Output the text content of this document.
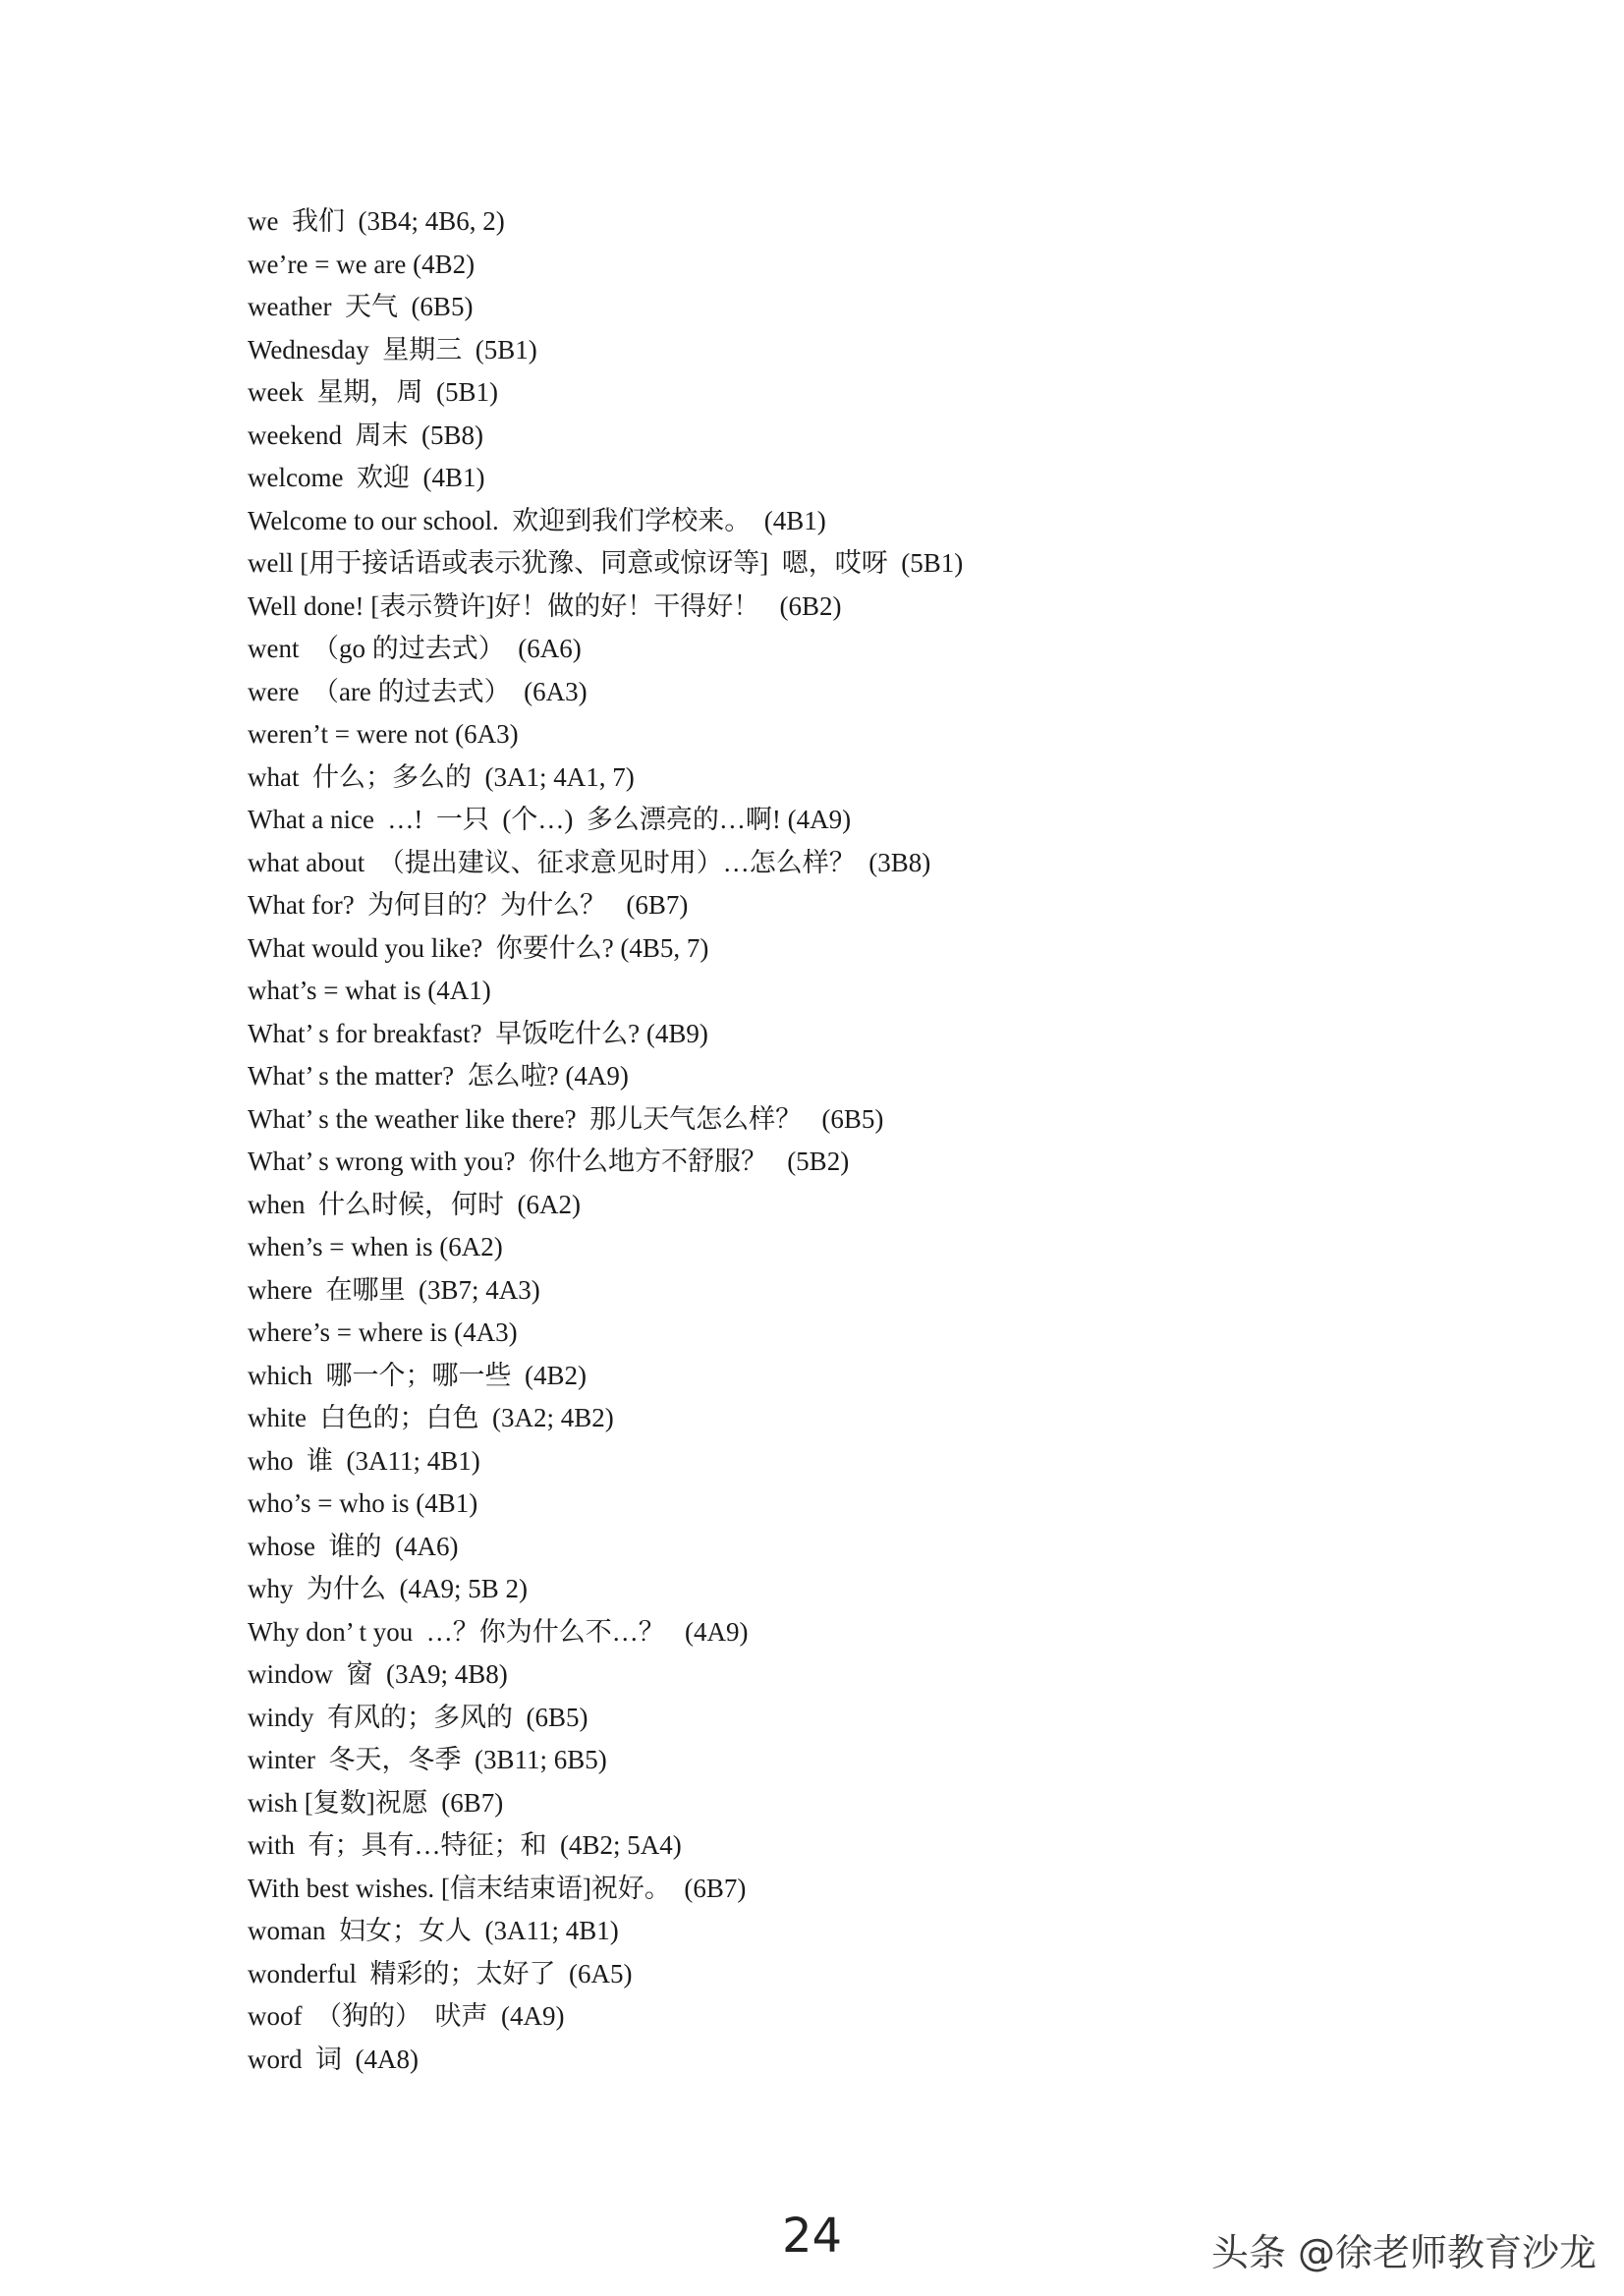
we  我们  (3B4; 4B6, 2)
we’re = we are (4B2)
weather  天气  (6B5)
Wednesday  星期三  (5B1)
week  星期，周  (5B1)
weekend  周末  (5B8)
welcome  欢迎  (4B1)
Welcome to our school.  欢迎到我们学校来。  (4B1)
well [用于接话语或表示犹豫、同意或惊讶等]  嗯，哎呀  (5B1)
Well done! [表示赞许]好！做的好！干得好！   (6B2)
went  （go 的过去式）  (6A6)
were  （are 的过去式）  (6A3)
weren’t = were not (6A3)
what  什么；多么的  (3A1; 4A1, 7)
What a nice  …!  一只  (个…)  多么漂亮的…啊! (4A9)
what about  （提出建议、征求意见时用）…怎么样？  (3B8)
What for?  为何目的？为什么？   (6B7)
What would you like?  你要什么? (4B5, 7)
what’s = what is (4A1)
What’ s for breakfast?  早饭吃什么? (4B9)
What’ s the matter?  怎么啦? (4A9)
What’ s the weather like there?  那儿天气怎么样？   (6B5)
What’ s wrong with you?  你什么地方不舒服？   (5B2)
when  什么时候，何时  (6A2)
when’s = when is (6A2)
where  在哪里  (3B7; 4A3)
where’s = where is (4A3)
which  哪一个；哪一些  (4B2)
white  白色的；白色  (3A2; 4B2)
who  谁  (3A11; 4B1)
who’s = who is (4B1)
whose  谁的  (4A6)
why  为什么  (4A9; 5B 2)
Why don’ t you  …？你为什么不…？   (4A9)
window  窗  (3A9; 4B8)
windy  有风的；多风的  (6B5)
winter  冬天，冬季  (3B11; 6B5)
wish [复数]祝愿  (6B7)
with  有；具有…特征；和  (4B2; 5A4)
With best wishes. [信末结束语]祝好。  (6B7)
woman  妇女；女人  (3A11; 4B1)
wonderful  精彩的；太好了  (6A5)
woof  （狗的）  吠声  (4A9)
word  词  (4A8)
24	头条 @徐老师教育沙龙
